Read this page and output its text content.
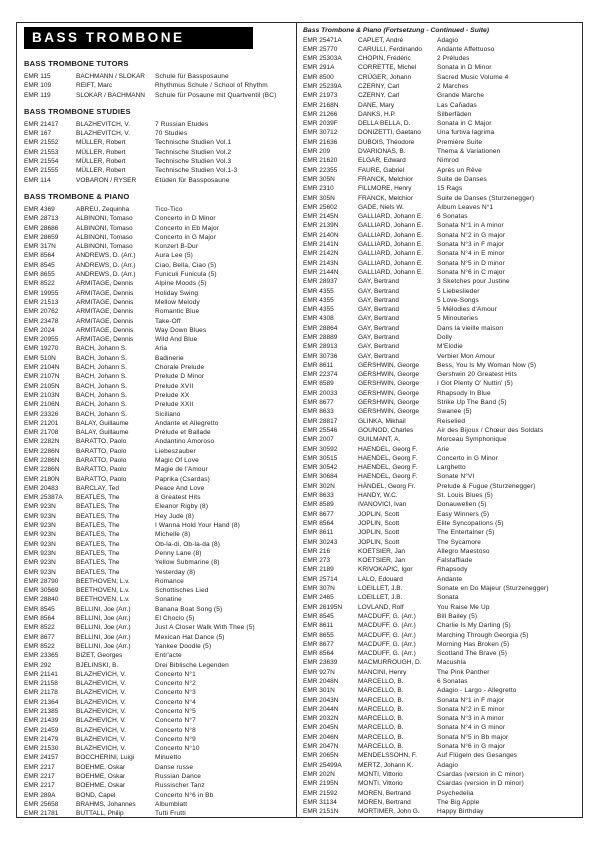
BASS TROMBONE
BASS TROMBONE TUTORS
EMR 115	BACHMANN / SLOKAR	Schule für Bassposaune
EMR 109	REIFT, Marc	Rhythmus Schule / School of Rhythm
EMR 119	SLOKAR / BACHMANN	Schule für Posaune mit Quartventil (BC)
BASS TROMBONE STUDIES
EMR 21417	BLAZHEVITCH, V.	7 Russian Etudes
EMR 167	BLAZHEVITCH, V.	70 Studies
EMR 21552	MÜLLER, Robert	Technische Studien Vol.1
EMR 21553	MÜLLER, Robert	Technische Studien Vol.2
EMR 21554	MÜLLER, Robert	Technische Studien Vol.3
EMR 21555	MÜLLER, Robert	Technische Studien Vol.1-3
EMR 114	VOBARON / RYSER	Etüden für Bassposaune
BASS TROMBONE & PIANO
EMR 4369	ABREU, Zequinha	Tico-Tico
EMR 28713	ALBINONI, Tomaso	Concerto in D Minor
EMR 28686	ALBINONI, Tomaso	Concerto in Eb Major
EMR 28659	ALBINONI, Tomaso	Concerto in G Major
EMR 317N	ALBINONI, Tomaso	Konzert B-Dur
EMR 8564	ANDREWS, D. (Arr.)	Aura Lee (5)
EMR 8545	ANDREWS, D. (Arr.)	Ciao, Bella, Ciao (5)
EMR 8655	ANDREWS, D. (Arr.)	Funiculi Funicula (5)
EMR 8522	ARMITAGE, Dennis	Alpine Moods (5)
EMR 19955	ARMITAGE, Dennis	Holiday Swing
EMR 21513	ARMITAGE, Dennis	Mellow Melody
EMR 20762	ARMITAGE, Dennis	Romantic Blue
EMR 23478	ARMITAGE, Dennis	Take-Off
EMR 2024	ARMITAGE, Dennis	Way Down Blues
EMR 20955	ARMITAGE, Dennis	Wild And Blue
EMR 19270	BACH, Johann S.	Aria
EMR 510N	BACH, Johann S.	Badinerie
EMR 2104N	BACH, Johann S.	Chorale Prelude
EMR 2107N	BACH, Johann S.	Prelude D Minor
EMR 2105N	BACH, Johann S.	Prelude XVII
EMR 2103N	BACH, Johann S.	Prelude XX
EMR 2106N	BACH, Johann S.	Prelude XXII
EMR 23326	BACH, Johann S.	Siciliano
EMR 21201	BALAY, Guillaume	Andante et Allegretto
EMR 21708	BALAY, Guillaume	Prélude et Ballade
EMR 2282N	BARATTO, Paolo	Andantino Amoroso
EMR 2286N	BARATTO, Paolo	Liebeszauber
EMR 2286N	BARATTO, Paolo	Magic Of Love
EMR 2286N	BARATTO, Paolo	Magie de l'Amour
EMR 2180N	BARATTO, Paolo	Paprika (Csardas)
EMR 20483	BARCLAY, Ted	Peace And Love
EMR 25387A	BEATLES, The	8 Greatest Hits
EMR 923N	BEATLES, The	Eleanor Rigby (8)
EMR 923N	BEATLES, The	Hey Jude (8)
EMR 923N	BEATLES, The	I Wanna Hold Your Hand (8)
EMR 923N	BEATLES, The	Michelle (8)
EMR 923N	BEATLES, The	Ob-la-di, Ob-la-da (8)
EMR 923N	BEATLES, The	Penny Lane (8)
EMR 923N	BEATLES, The	Yellow Submarine (8)
EMR 923N	BEATLES, The	Yesterday (8)
EMR 28790	BEETHOVEN, L.v.	Romance
EMR 30569	BEETHOVEN, L.v.	Schottisches Lied
EMR 28840	BEETHOVEN, L.v.	Sonatine
EMR 8545	BELLINI, Joe (Arr.)	Banana Boat Song (5)
EMR 8564	BELLINI, Joe (Arr.)	El Choclo (5)
EMR 8522	BELLINI, Joe (Arr.)	Just A Closer Walk With Thee (5)
EMR 8677	BELLINI, Joe (Arr.)	Mexican Hat Dance (5)
EMR 8522	BELLINI, Joe (Arr.)	Yankee Doodle (5)
EMR 23365	BIZET, Georges	Entr'acte
EMR 292	BJELINSKI, B.	Drei Biblische Legenden
EMR 21141	BLAZHEVICH, V.	Concerto N°1
EMR 21158	BLAZHEVICH, V.	Concerto N°2
EMR 21178	BLAZHEVICH, V.	Concerto N°3
EMR 21364	BLAZHEVICH, V.	Concerto N°4
EMR 21385	BLAZHEVICH, V.	Concerto N°5
EMR 21439	BLAZHEVICH, V.	Concerto N°7
EMR 21459	BLAZHEVICH, V.	Concerto N°8
EMR 21479	BLAZHEVICH, V.	Concerto N°9
EMR 21530	BLAZHEVICH, V.	Concerto N°10
EMR 24157	BOCCHERINI, Luigi	Minuetto
EMR 2217	BOEHME, Oskar	Danse russe
EMR 2217	BOEHME, Oskar	Russian Dance
EMR 2217	BOEHME, Oskar	Russischer Tanz
EMR 289A	BOND, Capel	Concerto N°6 in Bb
EMR 25658	BRAHMS, Johannes	Albumblatt
EMR 21781	BUTTALL, Philip	Tutti Frutti
Bass Trombone & Piano (Fortsetzung - Continued - Suite)
EMR 25471A	CAPLET, André	Adagio
EMR 25770	CARULLI, Ferdinando	Andante Affettuoso
EMR 25303A	CHOPIN, Frédéric	2 Préludes
EMR 291A	CORRETTE, Michel	Sonata in D Minor
EMR 8500	CRÜGER, Johann	Sacred Music Volume 4
EMR 25239A	CZERNY, Carl	2 Marches
EMR 21973	CZERNY, Carl	Grande Marche
EMR 2168N	DANE, Mary	Las Cañadas
EMR 21266	DANKS, H.P.	Silberfäden
EMR 2039F	DELLA BELLA, D.	Sonata in C Major
EMR 30712	DONIZETTI, Gaetano	Una furtiva lagrima
EMR 21636	DUBOIS, Théodore	Première Suite
EMR 209	DVARIONAS, B.	Thema & Variationen
EMR 21620	ELGAR, Edward	Nimrod
EMR 22355	FAURE, Gabriel	Après un Rêve
EMR 305N	FRANCK, Melchior	Suite de Danses
EMR 2310	FILLMORE, Henry	15 Rags
EMR 305N	FRANCK, Melchior	Suite de Danses (Sturzenegger)
EMR 25602	GADE, Niels W.	Album Leaves N°1
EMR 2145N	GALLIARD, Johann E.	6 Sonatas
EMR 2139N	GALLIARD, Johann E.	Sonata N°1 in A minor
EMR 2140N	GALLIARD, Johann E.	Sonata N°2 in G major
EMR 2141N	GALLIARD, Johann E.	Sonata N°3 in F major
EMR 2142N	GALLIARD, Johann E.	Sonata N°4 in E minor
EMR 2143N	GALLIARD, Johann E.	Sonata N°5 in D minor
EMR 2144N	GALLIARD, Johann E.	Sonata N°6 in C major
EMR 28937	GAY, Bertrand	3 Sketches pour Justine
EMR 4355	GAY, Bertrand	5 Liebeslieder
EMR 4355	GAY, Bertrand	5 Love-Songs
EMR 4355	GAY, Bertrand	5 Mélodies d'Amour
EMR 4308	GAY, Bertrand	5 Minouteries
EMR 28864	GAY, Bertrand	Dans la vieille maison
EMR 28889	GAY, Bertrand	Dolly
EMR 28913	GAY, Bertrand	M'Elodie
EMR 30736	GAY, Bertrand	Verbier Mon Amour
EMR 8611	GERSHWIN, George	Bess, You Is My Woman Now (5)
EMR 22374	GERSHWIN, George	Gershwin 20 Greatest Hits
EMR 8589	GERSHWIN, George	I Got Plenty O' Nuttin' (5)
EMR 20033	GERSHWIN, George	Rhapsody In Blue
EMR 8677	GERSHWIN, George	Strike Up The Band (5)
EMR 8633	GERSHWIN, George	Swanee (5)
EMR 28817	GLINKA, Mikhail	Reiselied
EMR 25546	GOUNOD, Charles	Air des Bijoux / Chœur des Soldats
EMR 2007	GUILMANT, A.	Morceau Symphonique
EMR 30592	HAENDEL, Georg F.	Arie
EMR 30515	HAENDEL, Georg F.	Concerto in G Minor
EMR 30542	HAENDEL, Georg F.	Larghetto
EMR 30684	HAENDEL, Georg F.	Sonate N°VI
EMR 302N	HÄNDEL, Georg Fr.	Prelude & Fugue (Sturzenegger)
EMR 8633	HANDY, W.C.	St. Louis Blues (5)
EMR 8589	IVANOVICI, Ivan	Donauwellen (5)
EMR 8677	JOPLIN, Scott	Easy Winners (5)
EMR 8564	JOPLIN, Scott	Elite Syncopations (5)
EMR 8611	JOPLIN, Scott	The Entertainer (5)
EMR 30243	JOPLIN, Scott	The Sycamore
EMR 216	KOETSIER, Jan	Allegro Maestoso
EMR 273	KOETSIER, Jan	Falstaffiade
EMR 2189	KRIVOKAPIC, Igor	Rhapsody
EMR 25714	LALO, Edouard	Andante
EMR 307N	LOEILLET, J.B.	Sonate en Do Majeur (Sturzenegger)
EMR 2465	LOEILLET, J.B.	Sonata
EMR 26195N	LOVLAND, Rolf	You Raise Me Up
EMR 8545	MACDUFF, G. (Arr.)	Bill Bailey (5)
EMR 8611	MACDUFF, G. (Arr.)	Charlie Is My Darling (5)
EMR 8655	MACDUFF, G. (Arr.)	Marching Through Georgia (5)
EMR 8677	MACDUFF, G. (Arr.)	Morning Has Broken (5)
EMR 8564	MACDUFF, G. (Arr.)	Scotland The Brave (5)
EMR 23639	MACMURROUGH, D.	Macushla
EMR 927N	MANCINI, Henry	The Pink Panther
EMR 2048N	MARCELLO, B.	6 Sonatas
EMR 301N	MARCELLO, B.	Adagio - Largo - Allegretto
EMR 2043N	MARCELLO, B.	Sonata N°1 in F major
EMR 2044N	MARCELLO, B.	Sonata N°2 in E minor
EMR 2032N	MARCELLO, B.	Sonata N°3 in A minor
EMR 2045N	MARCELLO, B.	Sonata N°4 in G minor
EMR 2046N	MARCELLO, B.	Sonata N°5 in Bb major
EMR 2047N	MARCELLO, B.	Sonata N°6 in G major
EMR 2065N	MENDELSSOHN, F.	Auf Flügeln des Gesanges
EMR 25499A	MERTZ, Johann K.	Adagio
EMR 202N	MONTI, Vittorio	Csardas (version in C minor)
EMR 2195N	MONTI, Vittorio	Csardas (version in D minor)
EMR 21592	MOREN, Bertrand	Psychedelia
EMR 31134	MOREN, Bertrand	The Big Apple
EMR 2151N	MORTIMER, John G.	Happy Birthday
